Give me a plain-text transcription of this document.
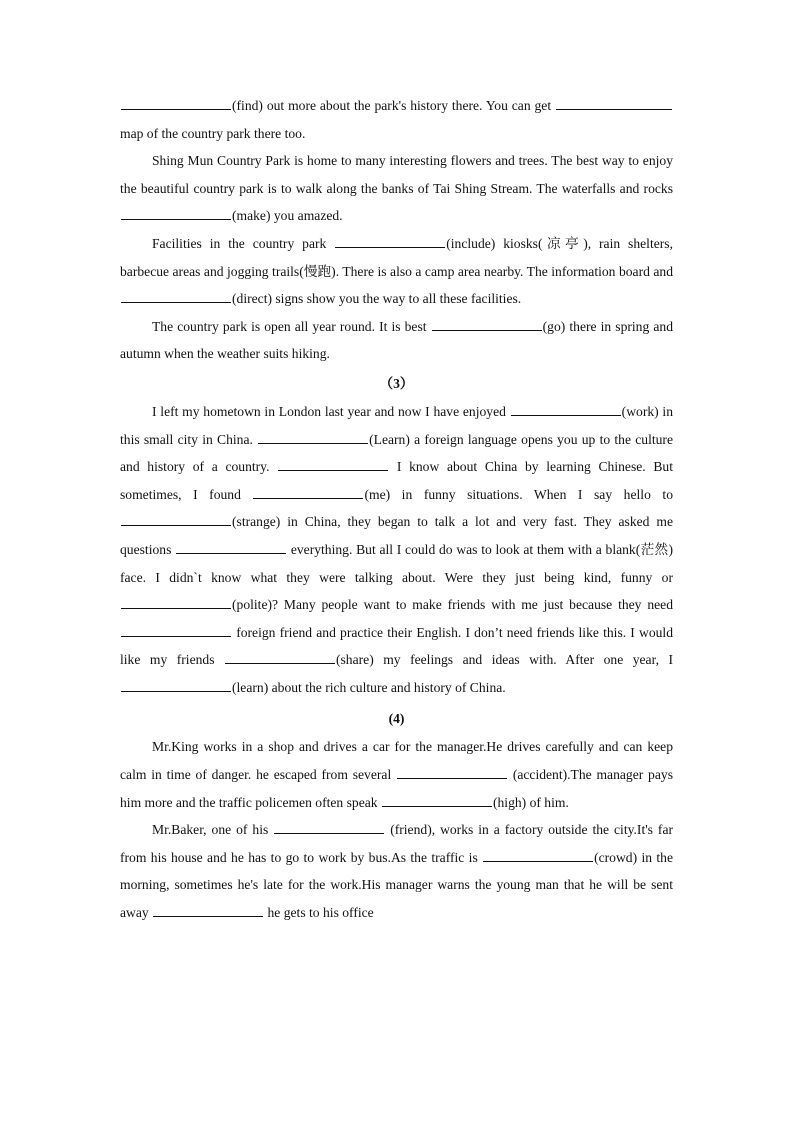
(find) out more about the park's history there. You can get  map of the country park there too.

Shing Mun Country Park is home to many interesting flowers and trees. The best way to enjoy the beautiful country park is to walk along the banks of Tai Shing Stream. The waterfalls and rocks (make) you amazed.

Facilities in the country park	(include) kiosks(凉亭), rain shelters, barbecue areas and jogging trails(慢跑). There is also a camp area nearby. The information board and (direct) signs show you the way to all these facilities.

The country park is open all year round. It is best	(go) there in spring and autumn when the weather suits hiking.

（3）

I left my hometown in London last year and now I have enjoyed	(work) in this small city in China.	(Learn) a foreign language opens you up to the culture and history of a country.	I know about China by learning Chinese. But sometimes, I found	(me) in funny situations. When I say hello to (strange) in China, they began to talk a lot and very fast. They asked me questions	everything. But all I could do was to look at them with a blank(茫然) face. I didn`t know what they were talking about. Were they just being kind, funny or (polite)? Many people want to make friends with me just because they need  foreign friend and practice their English. I don’t need friends like this. I would like my friends	(share) my feelings and ideas with. After one year, I (learn) about the rich culture and history of China.

(4)

Mr.King works in a shop and drives a car for the manager.He drives carefully and can keep calm in time of danger. he escaped from several	(accident).The manager pays him more and the traffic policemen often speak	(high) of him.

Mr.Baker, one of his	(friend), works in a factory outside the city.It's far from his house and he has to go to work by bus.As the traffic is	(crowd) in the morning, sometimes he's late for the work.His manager warns the young man that he will be sent away	he gets to his office
